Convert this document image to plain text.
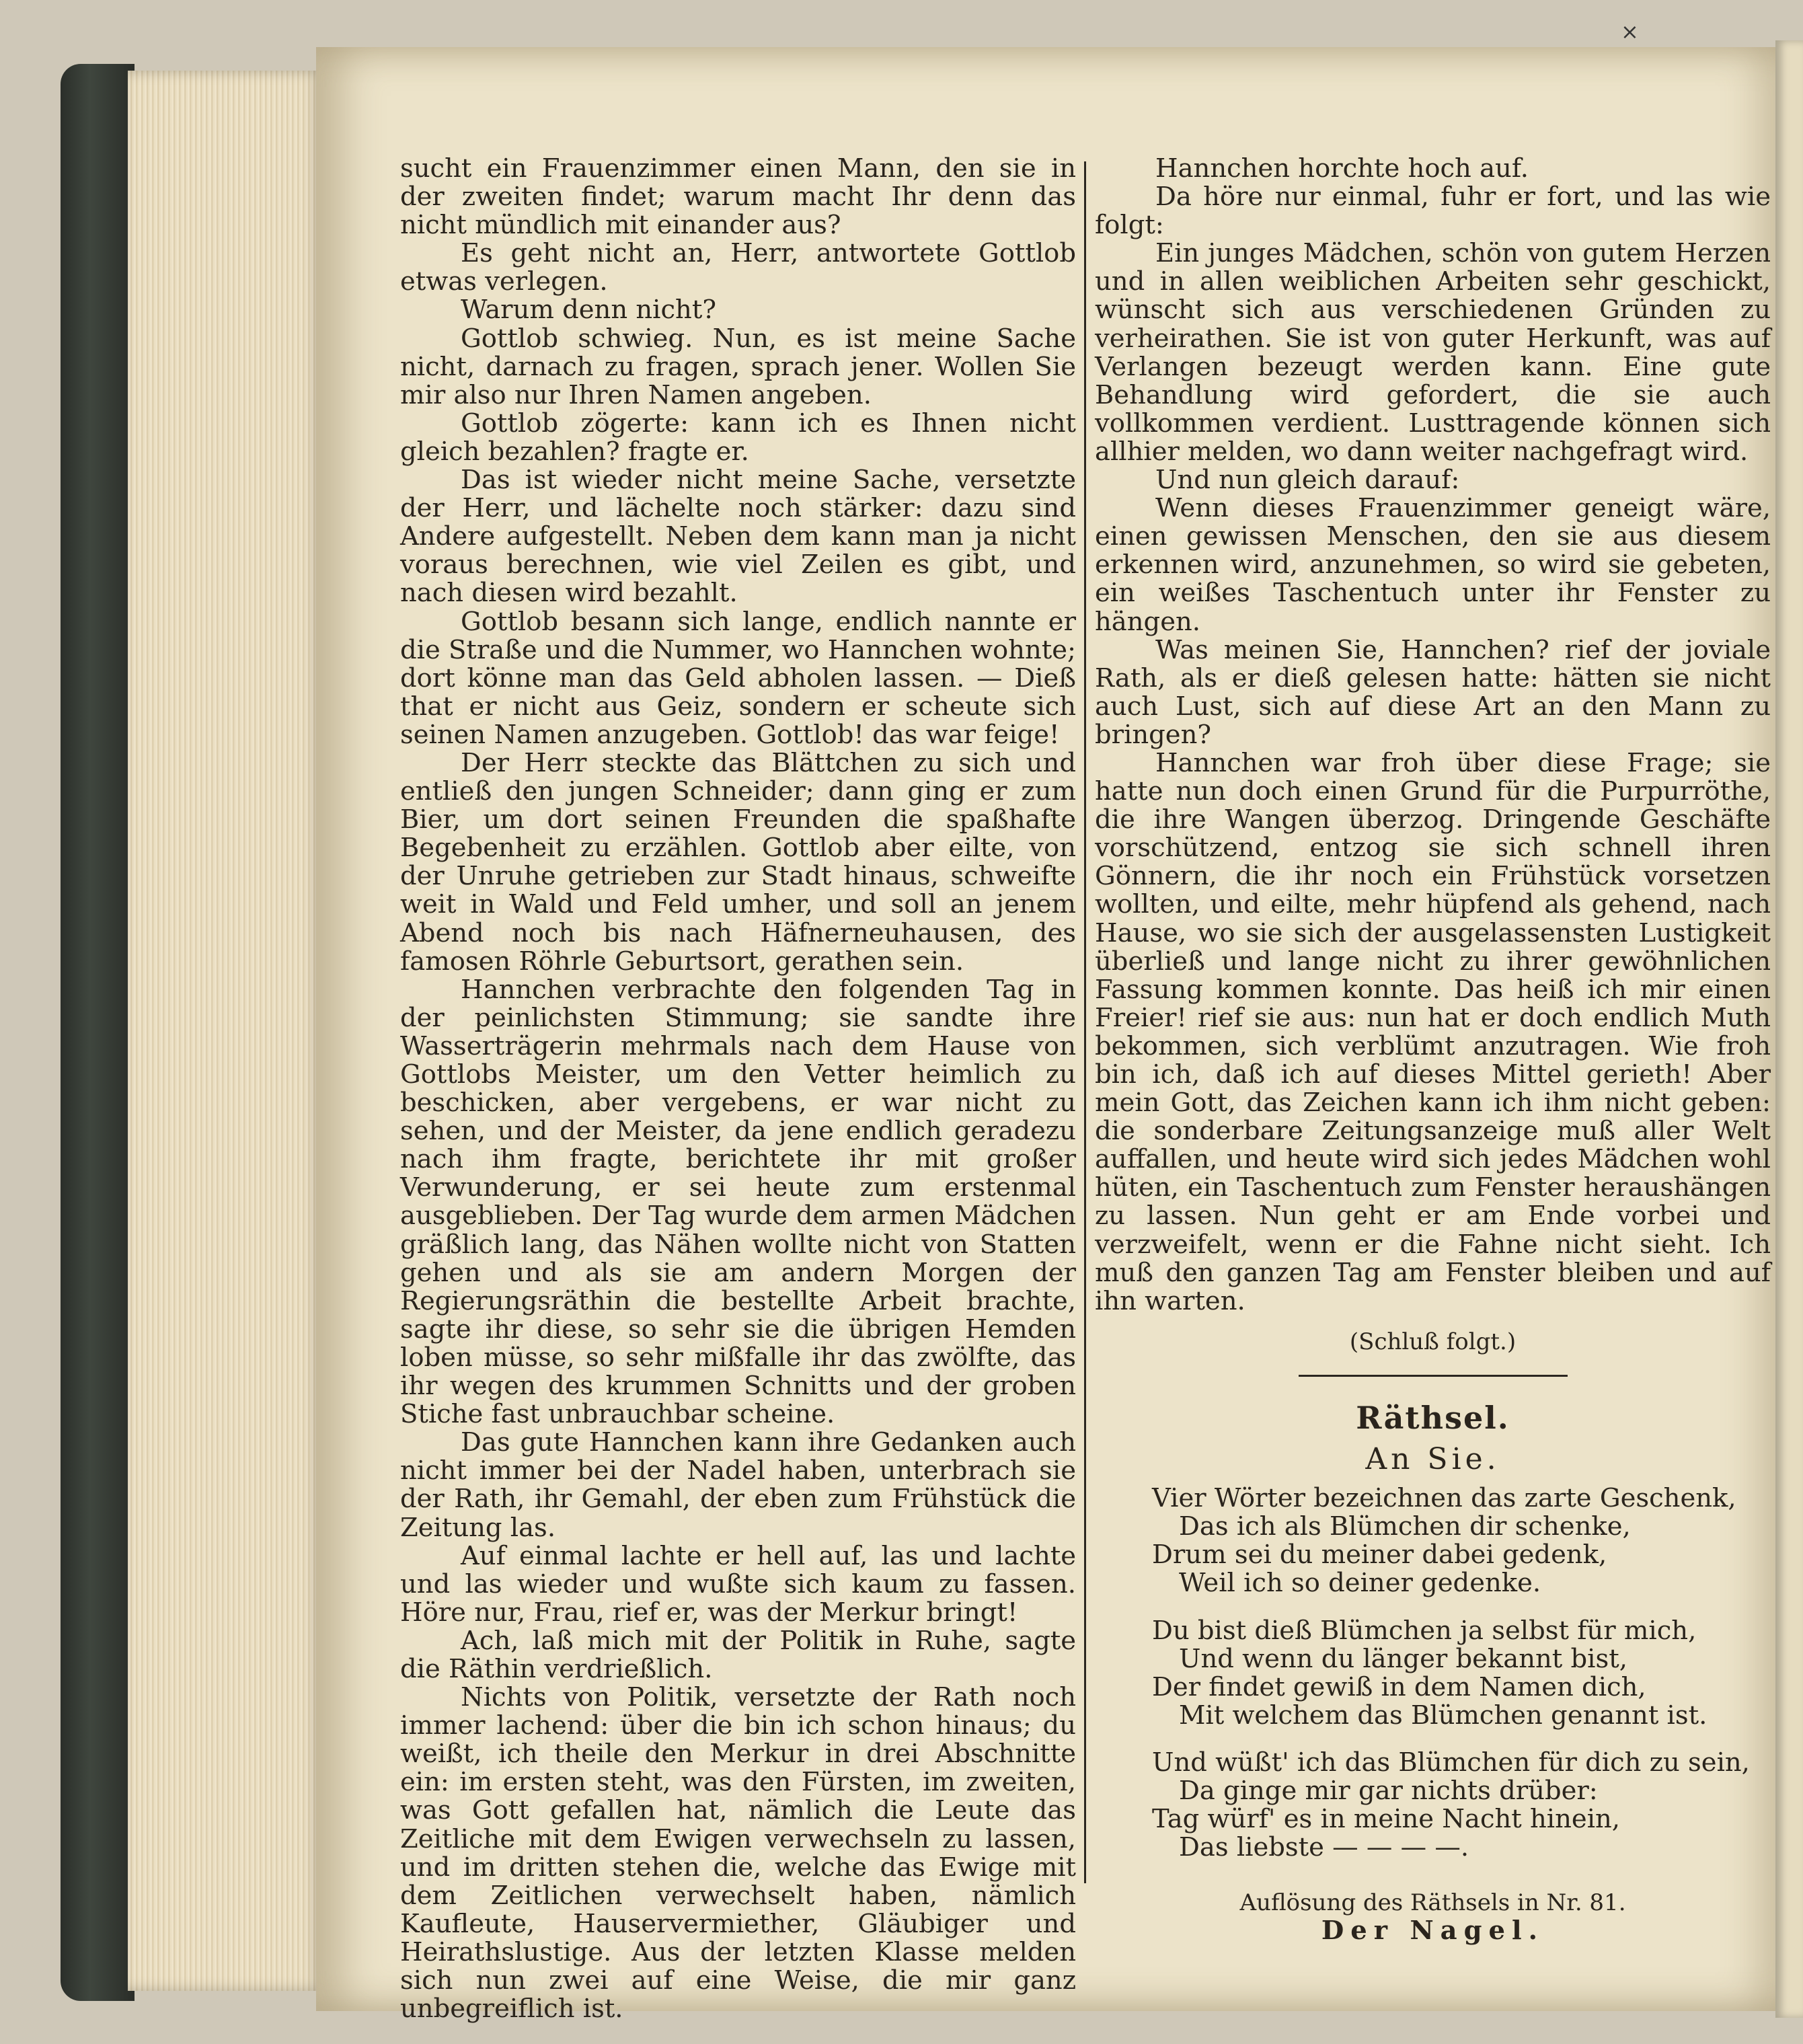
×

sucht ein Frauenzimmer einen Mann, den sie in der zweiten findet; warum macht Ihr denn das nicht mündlich mit einander aus?

Es geht nicht an, Herr, antwortete Gottlob etwas verlegen.

Warum denn nicht?

Gottlob schwieg. Nun, es ist meine Sache nicht, darnach zu fragen, sprach jener. Wollen Sie mir also nur Ihren Namen angeben.

Gottlob zögerte: kann ich es Ihnen nicht gleich bezahlen? fragte er.

Das ist wieder nicht meine Sache, versetzte der Herr, und lächelte noch stärker: dazu sind Andere aufgestellt. Neben dem kann man ja nicht voraus berechnen, wie viel Zeilen es gibt, und nach diesen wird bezahlt.

Gottlob besann sich lange, endlich nannte er die Straße und die Nummer, wo Hannchen wohnte; dort könne man das Geld abholen lassen. — Dieß that er nicht aus Geiz, sondern er scheute sich seinen Namen anzugeben. Gottlob! das war feige!

Der Herr steckte das Blättchen zu sich und entließ den jungen Schneider; dann ging er zum Bier, um dort seinen Freunden die spaßhafte Begebenheit zu erzählen. Gottlob aber eilte, von der Unruhe getrieben zur Stadt hinaus, schweifte weit in Wald und Feld umher, und soll an jenem Abend noch bis nach Häfnerneuhausen, des famosen Röhrle Geburtsort, gerathen sein.

Hannchen verbrachte den folgenden Tag in der peinlichsten Stimmung; sie sandte ihre Wasserträgerin mehrmals nach dem Hause von Gottlobs Meister, um den Vetter heimlich zu beschicken, aber vergebens, er war nicht zu sehen, und der Meister, da jene endlich geradezu nach ihm fragte, berichtete ihr mit großer Verwunderung, er sei heute zum erstenmal ausgeblieben. Der Tag wurde dem armen Mädchen gräßlich lang, das Nähen wollte nicht von Statten gehen und als sie am andern Morgen der Regierungsräthin die bestellte Arbeit brachte, sagte ihr diese, so sehr sie die übrigen Hemden loben müsse, so sehr mißfalle ihr das zwölfte, das ihr wegen des krummen Schnitts und der groben Stiche fast unbrauchbar scheine.

Das gute Hannchen kann ihre Gedanken auch nicht immer bei der Nadel haben, unterbrach sie der Rath, ihr Gemahl, der eben zum Frühstück die Zeitung las.

Auf einmal lachte er hell auf, las und lachte und las wieder und wußte sich kaum zu fassen. Höre nur, Frau, rief er, was der Merkur bringt!

Ach, laß mich mit der Politik in Ruhe, sagte die Räthin verdrießlich.

Nichts von Politik, versetzte der Rath noch immer lachend: über die bin ich schon hinaus; du weißt, ich theile den Merkur in drei Abschnitte ein: im ersten steht, was den Fürsten, im zweiten, was Gott gefallen hat, nämlich die Leute das Zeitliche mit dem Ewigen verwechseln zu lassen, und im dritten stehen die, welche das Ewige mit dem Zeitlichen verwechselt haben, nämlich Kaufleute, Hauservermiether, Gläubiger und Heirathslustige. Aus der letzten Klasse melden sich nun zwei auf eine Weise, die mir ganz unbegreiflich ist.

Hannchen horchte hoch auf.

Da höre nur einmal, fuhr er fort, und las wie folgt:

Ein junges Mädchen, schön von gutem Herzen und in allen weiblichen Arbeiten sehr geschickt, wünscht sich aus verschiedenen Gründen zu verheirathen. Sie ist von guter Herkunft, was auf Verlangen bezeugt werden kann. Eine gute Behandlung wird gefordert, die sie auch vollkommen verdient. Lusttragende können sich allhier melden, wo dann weiter nachgefragt wird.

Und nun gleich darauf:

Wenn dieses Frauenzimmer geneigt wäre, einen gewissen Menschen, den sie aus diesem erkennen wird, anzunehmen, so wird sie gebeten, ein weißes Taschentuch unter ihr Fenster zu hängen.

Was meinen Sie, Hannchen? rief der joviale Rath, als er dieß gelesen hatte: hätten sie nicht auch Lust, sich auf diese Art an den Mann zu bringen?

Hannchen war froh über diese Frage; sie hatte nun doch einen Grund für die Purpurröthe, die ihre Wangen überzog. Dringende Geschäfte vorschützend, entzog sie sich schnell ihren Gönnern, die ihr noch ein Frühstück vorsetzen wollten, und eilte, mehr hüpfend als gehend, nach Hause, wo sie sich der ausgelassensten Lustigkeit überließ und lange nicht zu ihrer gewöhnlichen Fassung kommen konnte. Das heiß ich mir einen Freier! rief sie aus: nun hat er doch endlich Muth bekommen, sich verblümt anzutragen. Wie froh bin ich, daß ich auf dieses Mittel gerieth! Aber mein Gott, das Zeichen kann ich ihm nicht geben: die sonderbare Zeitungsanzeige muß aller Welt auffallen, und heute wird sich jedes Mädchen wohl hüten, ein Taschentuch zum Fenster heraushängen zu lassen. Nun geht er am Ende vorbei und verzweifelt, wenn er die Fahne nicht sieht. Ich muß den ganzen Tag am Fenster bleiben und auf ihn warten.

(Schluß folgt.)

Räthsel.

An Sie.

Vier Wörter bezeichnen das zarte Geschenk,

Das ich als Blümchen dir schenke,

Drum sei du meiner dabei gedenk,

Weil ich so deiner gedenke.

Du bist dieß Blümchen ja selbst für mich,

Und wenn du länger bekannt bist,

Der findet gewiß in dem Namen dich,

Mit welchem das Blümchen genannt ist.

Und wüßt' ich das Blümchen für dich zu sein,

Da ginge mir gar nichts drüber:

Tag würf' es in meine Nacht hinein,

Das liebste — — — —.

Auflösung des Räthsels in Nr. 81.

Der Nagel.
